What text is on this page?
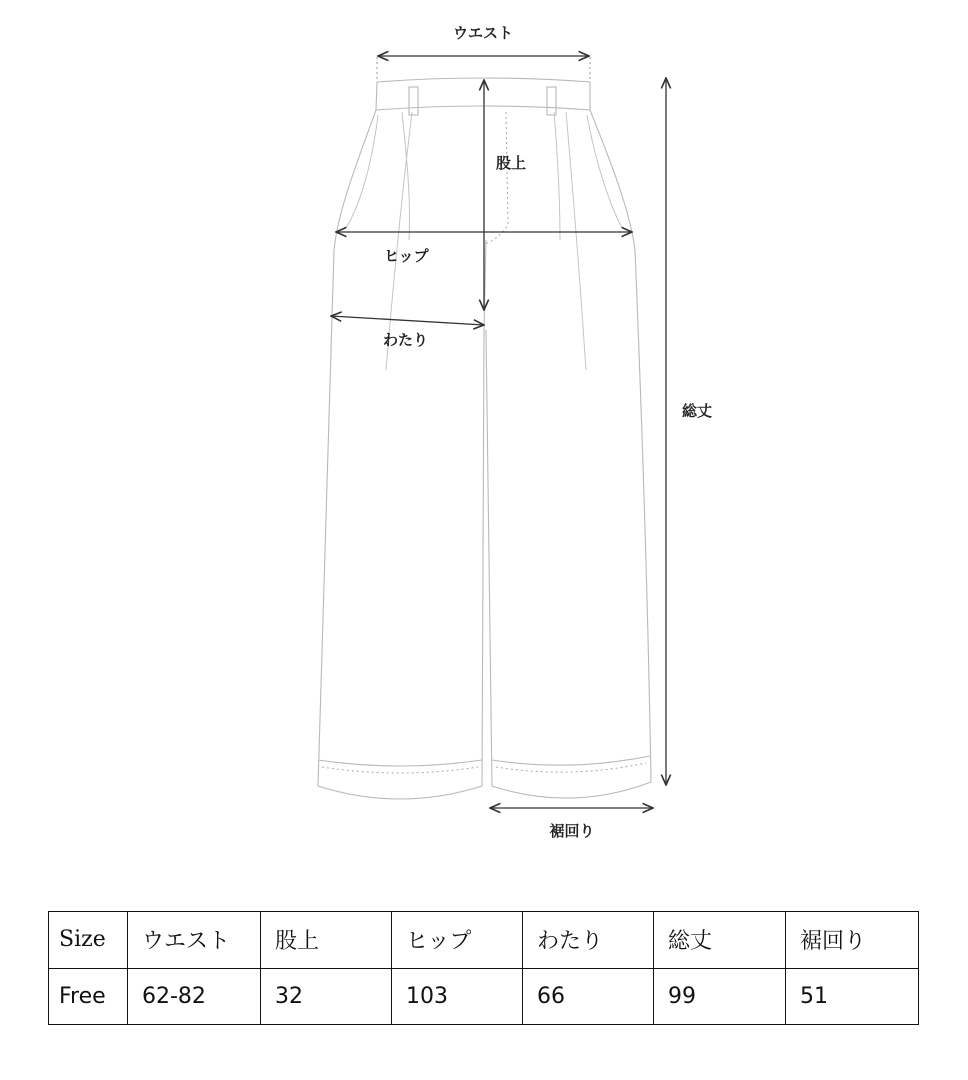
ウエスト
股上
ヒップ
わたり
総丈
裾回り
Size	ウエスト	股上	ヒップ	わたり	総丈	裾回り
Free	62-82	32	103	66	99	51
